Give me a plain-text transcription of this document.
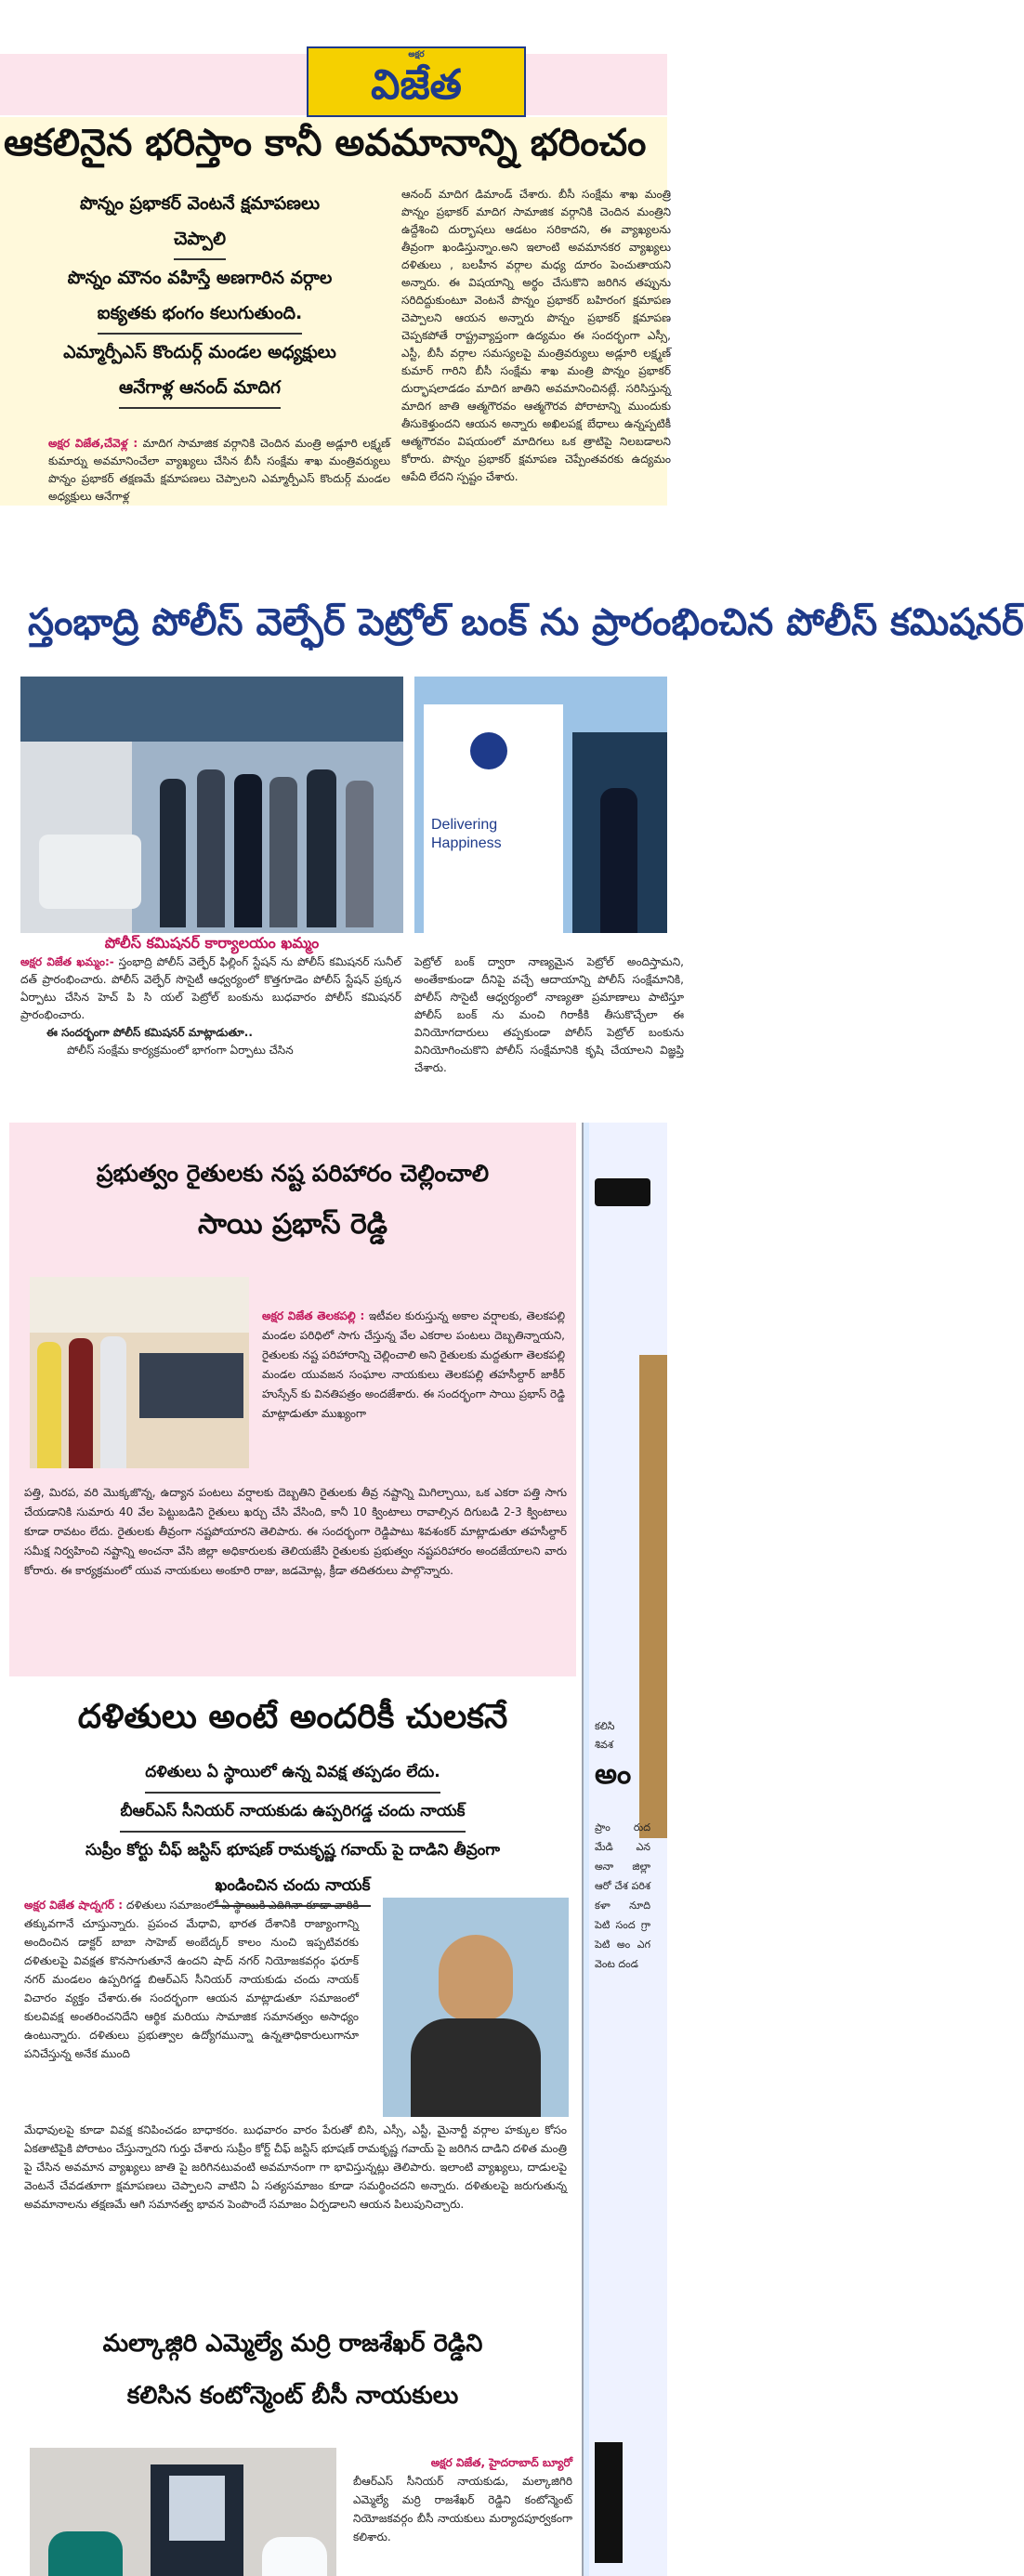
అక్షర
విజేత
ఆకలినైన భరిస్తాం కానీ అవమానాన్ని భరించం
పొన్నం ప్రభాకర్ వెంటనే క్షమాపణలు
చెప్పాలి
పొన్నం మౌనం వహిస్తే అణగారిన వర్గాల
ఐక్యతకు భంగం కలుగుతుంది.
ఎమ్మార్పీఎస్ కొందుర్గ్ మండల అధ్యక్షులు
ఆనేగాళ్ల ఆనంద్ మాదిగ
అక్షర విజేత,చేవెళ్ల : మాదిగ సామాజిక వర్గానికి చెందిన మంత్రి అడ్లూరి లక్ష్మణ్ కుమార్ను అవమానించేలా వ్యాఖ్యలు చేసిన బీసీ సంక్షేమ శాఖ మంత్రివర్యులు పొన్నం ప్రభాకర్ తక్షణమే క్షమాపణలు చెప్పాలని ఎమ్మార్పీఎస్ కొందుర్గ్ మండల అధ్యక్షులు ఆనేగాళ్ల
ఆనంద్ మాదిగ డిమాండ్ చేశారు. బీసీ సంక్షేమ శాఖ మంత్రి పొన్నం ప్రభాకర్ మాదిగ సామాజిక వర్గానికి చెందిన మంత్రిని ఉద్దేశించి దుర్భాషలు ఆడటం సరికాదని, ఈ వ్యాఖ్యలను తీవ్రంగా ఖండిస్తున్నాం.అని ఇలాంటి అవమానకర వ్యాఖ్యలు దళితులు , బలహీన వర్గాల మధ్య దూరం పెంచుతాయని అన్నారు. ఈ విషయాన్ని అర్థం చేసుకొని జరిగిన తప్పును సరిదిద్దుకుంటూ వెంటనే పొన్నం ప్రభాకర్ బహిరంగ క్షమాపణ చెప్పాలని ఆయన అన్నారు పొన్నం ప్రభాకర్ క్షమాపణ చెప్పకపోతే రాష్ట్రవ్యాప్తంగా ఉద్యమం ఈ సందర్భంగా ఎస్సీ, ఎస్టీ, బీసీ వర్గాల సమస్యలపై మంత్రివర్యులు అడ్లూరి లక్ష్మణ్ కుమార్ గారిని బీసీ సంక్షేమ శాఖ మంత్రి పొన్నం ప్రభాకర్ దుర్భాషలాడడం మాదిగ జాతిని అవమానించినట్లే. సరిసిస్తున్న మాదిగ జాతి ఆత్మగౌరవం ఆత్మగౌరవ పోరాటాన్ని ముందుకు తీసుకెళ్తుందని ఆయన అన్నారు అఖిలపక్ష బేధాలు ఉన్నప్పటికీ ఆత్మగౌరవం విషయంలో మాదిగలు ఒక త్రాటిపై నిలబడాలని కోరారు. పొన్నం ప్రభాకర్ క్షమాపణ చెప్పేంతవరకు ఉద్యమం ఆపేది లేదని స్పష్టం చేశారు.
స్తంభాద్రి పోలీస్ వెల్ఫేర్ పెట్రోల్ బంక్ ను ప్రారంభించిన పోలీస్ కమిషనర్
Delivering
Happiness
పోలీస్ కమిషనర్ కార్యాలయం ఖమ్మం
అక్షర విజేత ఖమ్మం:- స్తంభాద్రి పోలీస్ వెల్ఫేర్ ఫిల్లింగ్ స్టేషన్ ను పోలీస్ కమిషనర్ సునీల్ దత్ ప్రారంభించారు. పోలీస్ వెల్ఫేర్ సొసైటీ ఆధ్వర్యంలో కొత్తగూడెం పోలీస్ స్టేషన్ ప్రక్కన ఏర్పాటు చేసిన హెచ్ పి సి యల్ పెట్రోల్ బంకును బుధవారం పోలీస్ కమిషనర్ ప్రారంభించారు.
ఈ సందర్భంగా పోలీస్ కమిషనర్ మాట్లాడుతూ..
పోలీస్ సంక్షేమ కార్యక్రమంలో భాగంగా ఏర్పాటు చేసిన
పెట్రోల్ బంక్ ద్వారా నాణ్యమైన పెట్రోల్ అందిస్తామని, అంతేకాకుండా దీనిపై వచ్చే ఆదాయాన్ని పోలీస్ సంక్షేమానికి, పోలీస్ సొసైటీ ఆధ్వర్యంలో నాణ్యతా ప్రమాణాలు పాటిస్తూ పోలీస్ బంక్ ను మంచి గిరాకీకి తీసుకొచ్చేలా ఈ వినియోగదారులు తప్పకుండా పోలీస్ పెట్రోల్ బంకును వినియోగించుకొని పోలీస్ సంక్షేమానికి కృషి చేయాలని విజ్ఞప్తి చేశారు.
కలిసి
శివశ
అం
ప్రాం రుద మేడి ఎన అనా జిల్లా ఆరో చేశ పరిశ కళా నూది పెటి సంద గ్రా పెటి అం ఎగ వెంట దండ
ప్రభుత్వం రైతులకు నష్ట పరిహారం చెల్లించాలి
సాయి ప్రభాస్ రెడ్డి
అక్షర విజేత తెలకపల్లి : ఇటీవల కురుస్తున్న అకాల వర్షాలకు, తెలకపల్లి మండల పరిధిలో సాగు చేస్తున్న వేల ఎకరాల పంటలు దెబ్బతిన్నాయని, రైతులకు నష్ట పరిహారాన్ని చెల్లించాలి అని రైతులకు మద్దతుగా తెలకపల్లి మండల యువజన సంఘాల నాయకులు తెలకపల్లి తహసీల్దార్ జాకీర్ హుస్సేన్ కు వినతిపత్రం అందజేశారు. ఈ సందర్భంగా సాయి ప్రభాస్ రెడ్డి మాట్లాడుతూ ముఖ్యంగా
పత్తి, మిరప, వరి మొక్కజొన్న, ఉద్యాన పంటలు వర్షాలకు దెబ్బతిని రైతులకు తీవ్ర నష్టాన్ని మిగిల్చాయి, ఒక ఎకరా పత్తి సాగు చేయడానికి సుమారు 40 వేల పెట్టుబడిని రైతులు ఖర్చు చేసి వేసింది, కానీ 10 క్వింటాలు రావాల్సిన దిగుబడి 2-3 క్వింటాలు కూడా రావటం లేదు. రైతులకు తీవ్రంగా నష్టపోయారని తెలిపారు. ఈ సందర్భంగా రెడ్డిపాటు శివశంకర్ మాట్లాడుతూ తహసీల్దార్ సమీక్ష నిర్వహించి నష్టాన్ని అంచనా వేసి జిల్లా అధికారులకు తెలియజేసి రైతులకు ప్రభుత్వం నష్టపరిహారం అందజేయాలని వారు కోరారు. ఈ కార్యక్రమంలో యువ నాయకులు అంకూరి రాజు, జడమోట్ల, క్రీడా తదితరులు పాల్గొన్నారు.
దళితులు అంటే అందరికీ చులకనే
దళితులు ఏ స్థాయిలో ఉన్న వివక్ష తప్పడం లేదు.
బీఆర్ఎస్ సీనియర్ నాయకుడు ఉప్పరిగడ్డ చందు నాయక్
సుప్రీం కోర్టు చీఫ్ జస్టిస్ భూషణ్ రామకృష్ణ గవాయ్ పై దాడిని తీవ్రంగా
ఖండించిన చందు నాయక్
అక్షర విజేత షాద్నగర్ : దళితులు సమాజంలో ఏ స్థాయికి ఎదిగినా కూడా వారికి తక్కువగానే చూస్తున్నారు. ప్రపంచ మేధావి, భారత దేశానికి రాజ్యాంగాన్ని అందించిన డాక్టర్ బాబా సాహెబ్ అంబేద్కర్ కాలం నుంచి ఇప్పటివరకు దళితులపై వివక్షత కొనసాగుతూనే ఉందని షాద్ నగర్ నియోజకవర్గం ఫరూక్ నగర్ మండలం ఉప్పరిగడ్డ బిఆర్ఎస్ సీనియర్ నాయకుడు చందు నాయక్ విచారం వ్యక్తం చేశారు.ఈ సందర్భంగా ఆయన మాట్లాడుతూ సమాజంలో కులవివక్ష అంతరించనిదేని ఆర్థిక మరియు సామాజిక సమానత్వం అసాధ్యం ఉంటున్నారు. దళితులు ప్రభుత్వాల ఉద్యోగమున్నా ఉన్నతాధికారులుగానూ పనిచేస్తున్న అనేక ముంది
మేధావులపై కూడా వివక్ష కనిపించడం బాధాకరం. బుధవారం వారం పేరుతో బిసి, ఎస్సీ, ఎస్టీ, మైనార్టీ వర్గాల హక్కుల కోసం ఏకతాటిపైకి పోరాటం చేస్తున్నారని గుర్తు చేశారు సుప్రీం కోర్ట్ చీఫ్ జస్టిస్ భూషణ్ రామకృష్ణ గవాయ్ పై జరిగిన దాడిని దళిత మంత్రి పై చేసిన అవమాన వ్యాఖ్యలు జాతి పై జరిగినటువంటి అవమానంగా గా భావిస్తున్నట్లు తెలిపారు. ఇలాంటి వ్యాఖ్యలు, దాడులపై వెంటనే చేవడతూగా క్షమాపణలు చెప్పాలని వాటిని ఏ సత్యసమాజం కూడా సమర్థించదని అన్నారు. దళితులపై జరుగుతున్న అవమానాలను తక్షణమే ఆగి సమానత్వ భావన పెంపొందే సమాజం ఏర్పడాలని ఆయన పిలుపునిచ్చారు.
మల్కాజ్గిరి ఎమ్మెల్యే మర్రి రాజశేఖర్ రెడ్డిని
కలిసిన కంటోన్మెంట్ బీసీ నాయకులు
అక్షర విజేత, హైదరాబాద్ బ్యూరో
బీఆర్ఎస్ సీనియర్ నాయకుడు, మల్కాజిగిరి ఎమ్మెల్యే మర్రి రాజశేఖర్ రెడ్డిని కంటోన్మెంట్ నియోజకవర్గం బీసీ నాయకులు మర్యాదపూర్వకంగా కలిశారు.
